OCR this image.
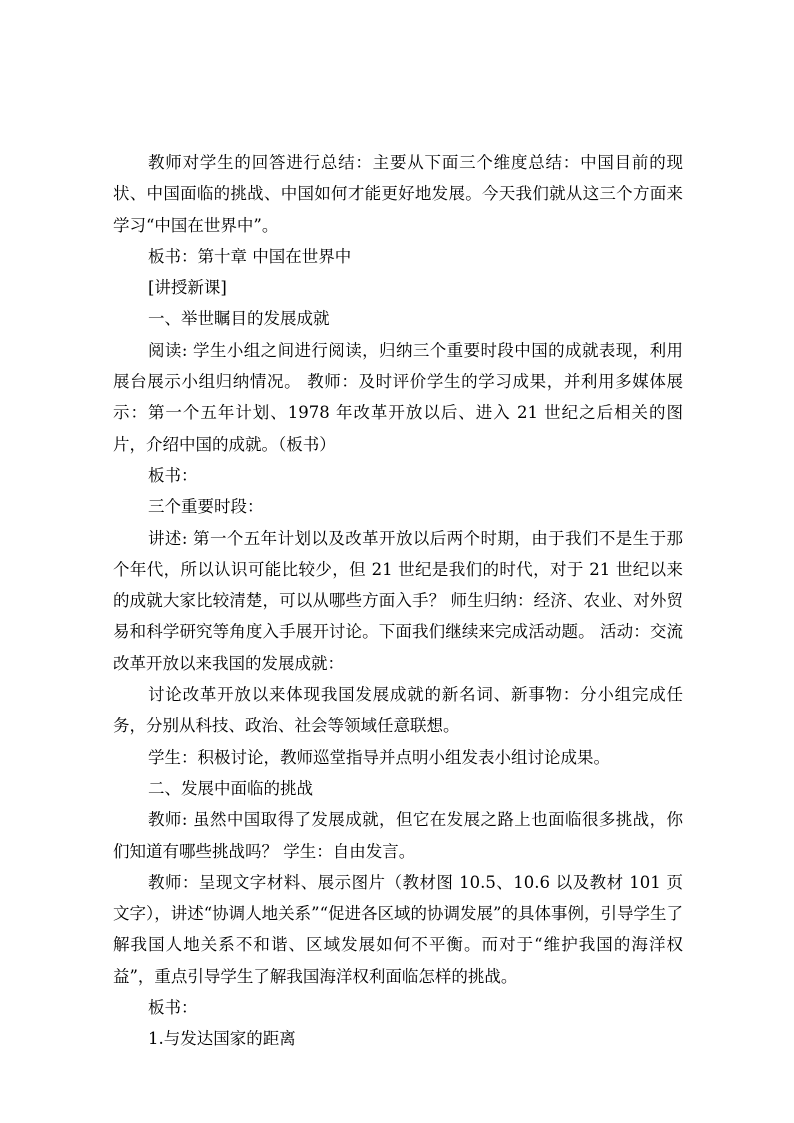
教师对学生的回答进行总结：主要从下面三个维度总结：中国目前的现状、中国面临的挑战、中国如何才能更好地发展。今天我们就从这三个方面来学习“中国在世界中”。

板书：第十章 中国在世界中

[讲授新课]

一、举世瞩目的发展成就

阅读: 学生小组之间进行阅读，归纳三个重要时段中国的成就表现，利用展台展示小组归纳情况。 教师：及时评价学生的学习成果，并利用多媒体展示：第一个五年计划、1978 年改革开放以后、进入 21 世纪之后相关的图片，介绍中国的成就。（板书）

板书：

三个重要时段：

讲述: 第一个五年计划以及改革开放以后两个时期，由于我们不是生于那个年代，所以认识可能比较少，但 21 世纪是我们的时代，对于 21 世纪以来的成就大家比较清楚，可以从哪些方面入手？ 师生归纳：经济、农业、对外贸易和科学研究等角度入手展开讨论。下面我们继续来完成活动题。 活动：交流改革开放以来我国的发展成就：

讨论改革开放以来体现我国发展成就的新名词、新事物：分小组完成任务，分别从科技、政治、社会等领域任意联想。

学生：积极讨论，教师巡堂指导并点明小组发表小组讨论成果。

二、发展中面临的挑战

教师: 虽然中国取得了发展成就，但它在发展之路上也面临很多挑战，你们知道有哪些挑战吗？ 学生：自由发言。

教师：呈现文字材料、展示图片（教材图 10.5、10.6 以及教材 101 页文字），讲述“协调人地关系”“促进各区域的协调发展”的具体事例，引导学生了解我国人地关系不和谐、区域发展如何不平衡。而对于“维护我国的海洋权益”，重点引导学生了解我国海洋权利面临怎样的挑战。

板书：

1.与发达国家的距离
